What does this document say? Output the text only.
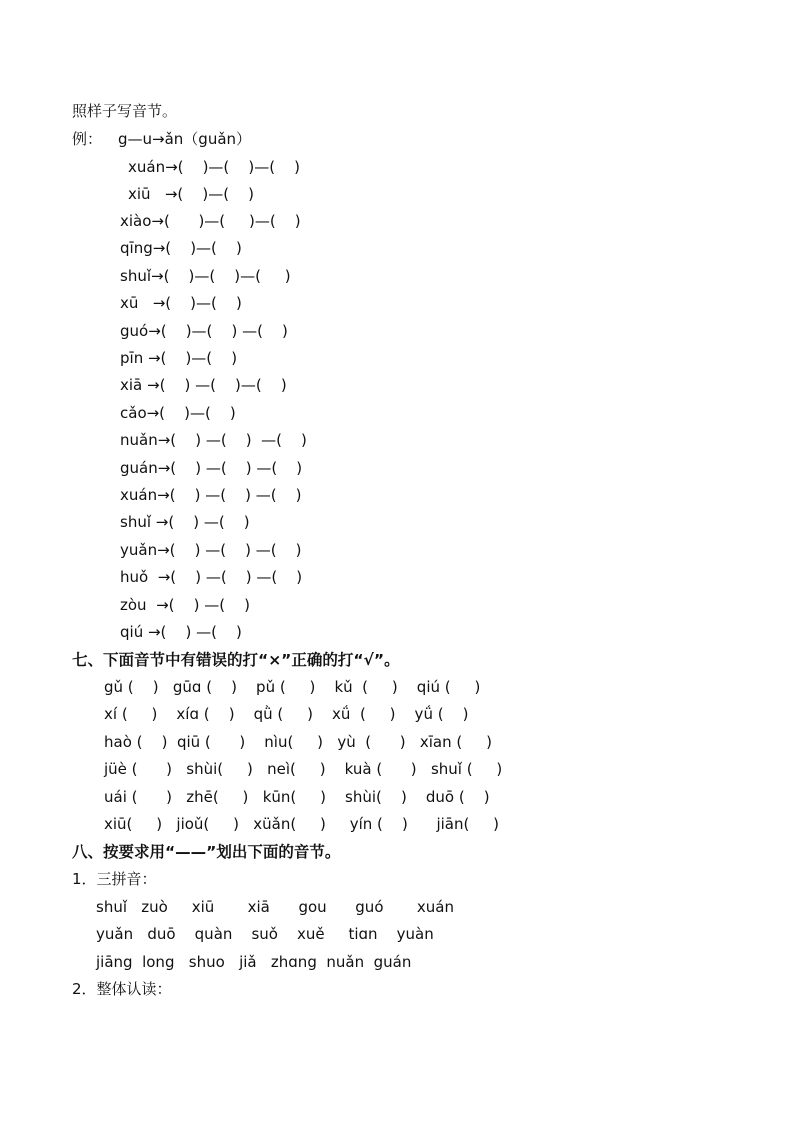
照样子写音节。
例： g—u→ǎn（guǎn）
xuán→(    )—(    )—(    )
xiū   →(    )—(    )
xiào→(      )—(     )—(    )
qīng→(    )—(    )
shuǐ→(    )—(    )—(     )
xū   →(    )—(    )
guó→(    )—(    ) —(    )
pīn →(    )—(    )
xiā →(    ) —(    )—(    )
cǎo→(    )—(    )
nuǎn→(    ) —(    )  —(    )
guán→(    ) —(    ) —(    )
xuán→(    ) —(    ) —(    )
shuǐ →(    ) —(    )
yuǎn→(    ) —(    ) —(    )
huǒ  →(    ) —(    ) —(    )
zòu  →(    ) —(    )
qiú →(    ) —(    )
七、下面音节中有错误的打“×”正确的打“√”。
gǔ (    )   gūɑ (    )    pǔ (     )    kǔ  (     )    qiú (     )
xí (     )    xíɑ (    )    qǜ (     )    xǘ  (     )    yǘ (    )
haò (    )  qiū (      )    nìu(     )   yù  (      )   xīan (     )
jüè (      )   shùi(     )   neì(     )    kuà (      )   shuǐ (     )
uái (      )   zhē(     )   kūn(     )    shùi(    )    duō (    )
xiū(     )   jioǔ(     )   xüǎn(     )     yín (    )      jiān(     )
八、按要求用“——”划出下面的音节。
1．三拼音：
shuǐ   zuò     xiū       xiā      gou      guó       xuán
yuǎn   duō    quàn    suǒ    xuě     tiɑn    yuàn
jiāng  long   shuo   jiǎ   zhɑng  nuǎn  guán
2．整体认读：
